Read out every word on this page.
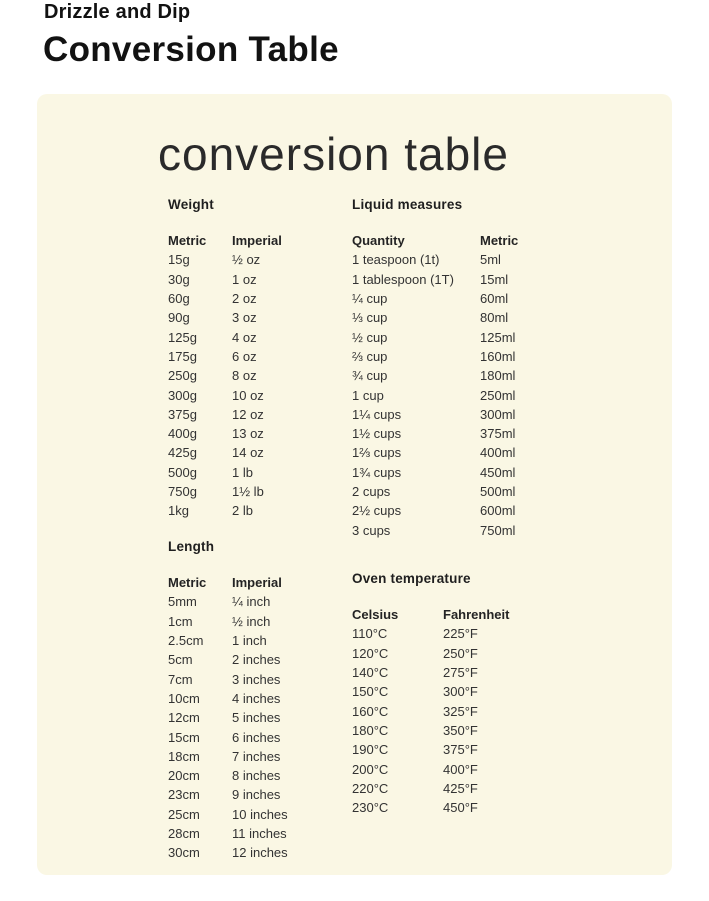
Drizzle and Dip
Conversion Table
conversion table
Weight
Metric	Imperial
15g	½ oz
30g	1 oz
60g	2 oz
90g	3 oz
125g	4 oz
175g	6 oz
250g	8 oz
300g	10 oz
375g	12 oz
400g	13 oz
425g	14 oz
500g	1 lb
750g	1½ lb
1kg	2 lb
Liquid measures
Quantity	Metric
1 teaspoon (1t)	5ml
1 tablespoon (1T)	15ml
¼ cup	60ml
⅓ cup	80ml
½ cup	125ml
⅔ cup	160ml
¾ cup	180ml
1 cup	250ml
1¼ cups	300ml
1½ cups	375ml
1⅔ cups	400ml
1¾ cups	450ml
2 cups	500ml
2½ cups	600ml
3 cups	750ml
Length
Metric	Imperial
5mm	¼ inch
1cm	½ inch
2.5cm	1 inch
5cm	2 inches
7cm	3 inches
10cm	4 inches
12cm	5 inches
15cm	6 inches
18cm	7 inches
20cm	8 inches
23cm	9 inches
25cm	10 inches
28cm	11 inches
30cm	12 inches
Oven temperature
Celsius	Fahrenheit
110°C	225°F
120°C	250°F
140°C	275°F
150°C	300°F
160°C	325°F
180°C	350°F
190°C	375°F
200°C	400°F
220°C	425°F
230°C	450°F
